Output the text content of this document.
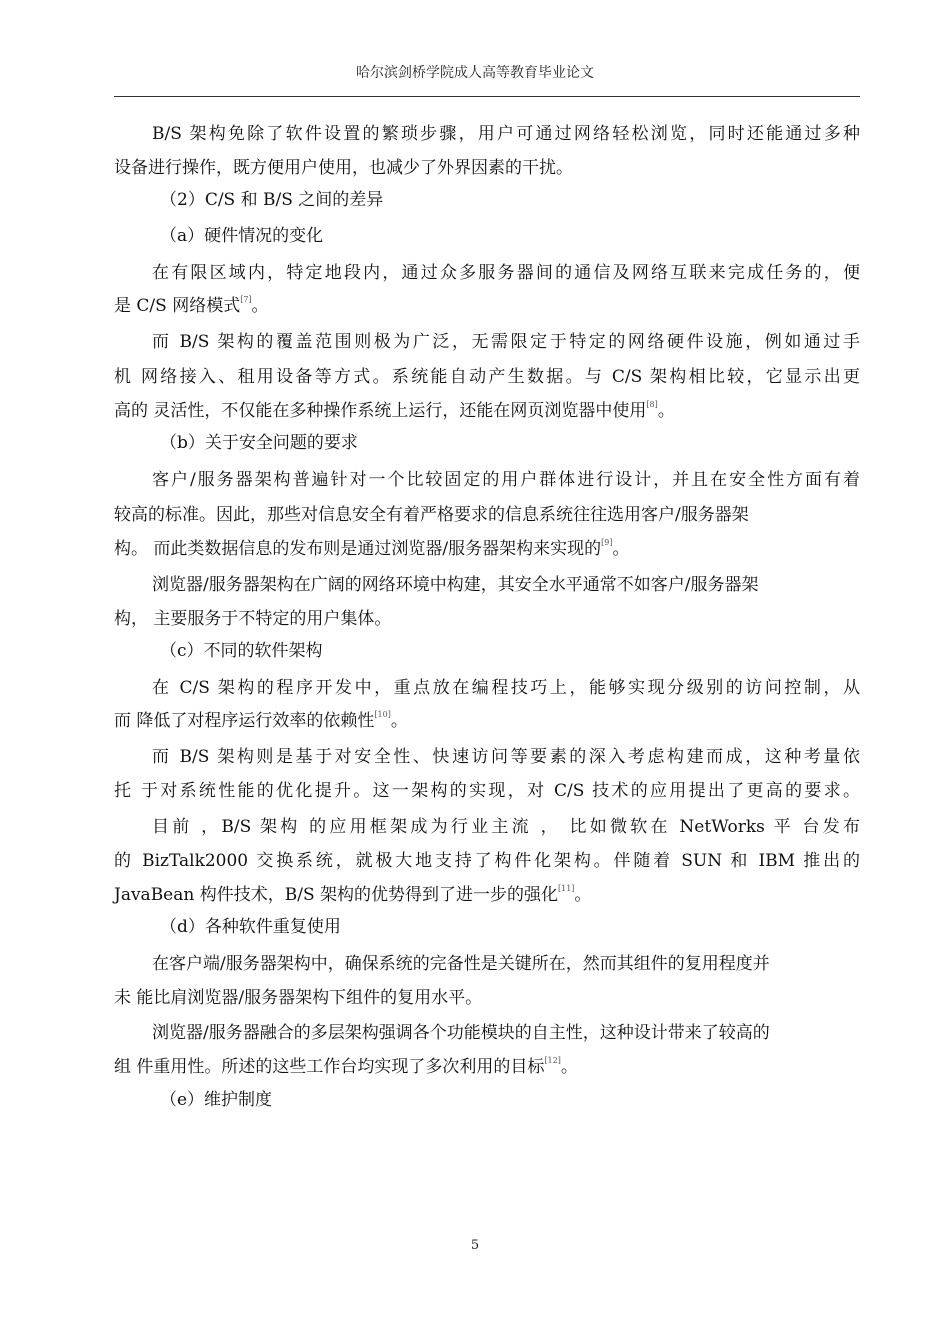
哈尔滨剑桥学院成人高等教育毕业论文
B/S 架构免除了软件设置的繁琐步骤，用户可通过网络轻松浏览，同时还能通过多种
设备进行操作，既方便用户使用，也减少了外界因素的干扰。
（2）C/S 和 B/S 之间的差异
（a）硬件情况的变化
在有限区域内，特定地段内，通过众多服务器间的通信及网络互联来完成任务的，便
是 C/S 网络模式[7]。
而 B/S 架构的覆盖范围则极为广泛，无需限定于特定的网络硬件设施，例如通过手
机 网络接入、租用设备等方式。系统能自动产生数据。与 C/S 架构相比较，它显示出更
高的 灵活性，不仅能在多种操作系统上运行，还能在网页浏览器中使用[8]。
（b）关于安全问题的要求
客户/服务器架构普遍针对一个比较固定的用户群体进行设计，并且在安全性方面有着
较高的标准。因此，那些对信息安全有着严格要求的信息系统往往选用客户/服务器架
构。 而此类数据信息的发布则是通过浏览器/服务器架构来实现的[9]。
浏览器/服务器架构在广阔的网络环境中构建，其安全水平通常不如客户/服务器架
构， 主要服务于不特定的用户集体。
（c）不同的软件架构
在 C/S 架构的程序开发中，重点放在编程技巧上，能够实现分级别的访问控制，从
而 降低了对程序运行效率的依赖性[10]。
而 B/S 架构则是基于对安全性、快速访问等要素的深入考虑构建而成，这种考量依
托 于对系统性能的优化提升。这一架构的实现，对 C/S 技术的应用提出了更高的要求。
目前 ，B/S 架构 的应用框架成为行业主流 ， 比如微软在 NetWorks 平 台发布
的 BizTalk2000 交换系统，就极大地支持了构件化架构。伴随着 SUN 和 IBM 推出的
JavaBean 构件技术，B/S 架构的优势得到了进一步的强化[11]。
（d）各种软件重复使用
在客户端/服务器架构中，确保系统的完备性是关键所在，然而其组件的复用程度并
未 能比肩浏览器/服务器架构下组件的复用水平。
浏览器/服务器融合的多层架构强调各个功能模块的自主性，这种设计带来了较高的
组 件重用性。所述的这些工作台均实现了多次利用的目标[12]。
（e）维护制度
5
